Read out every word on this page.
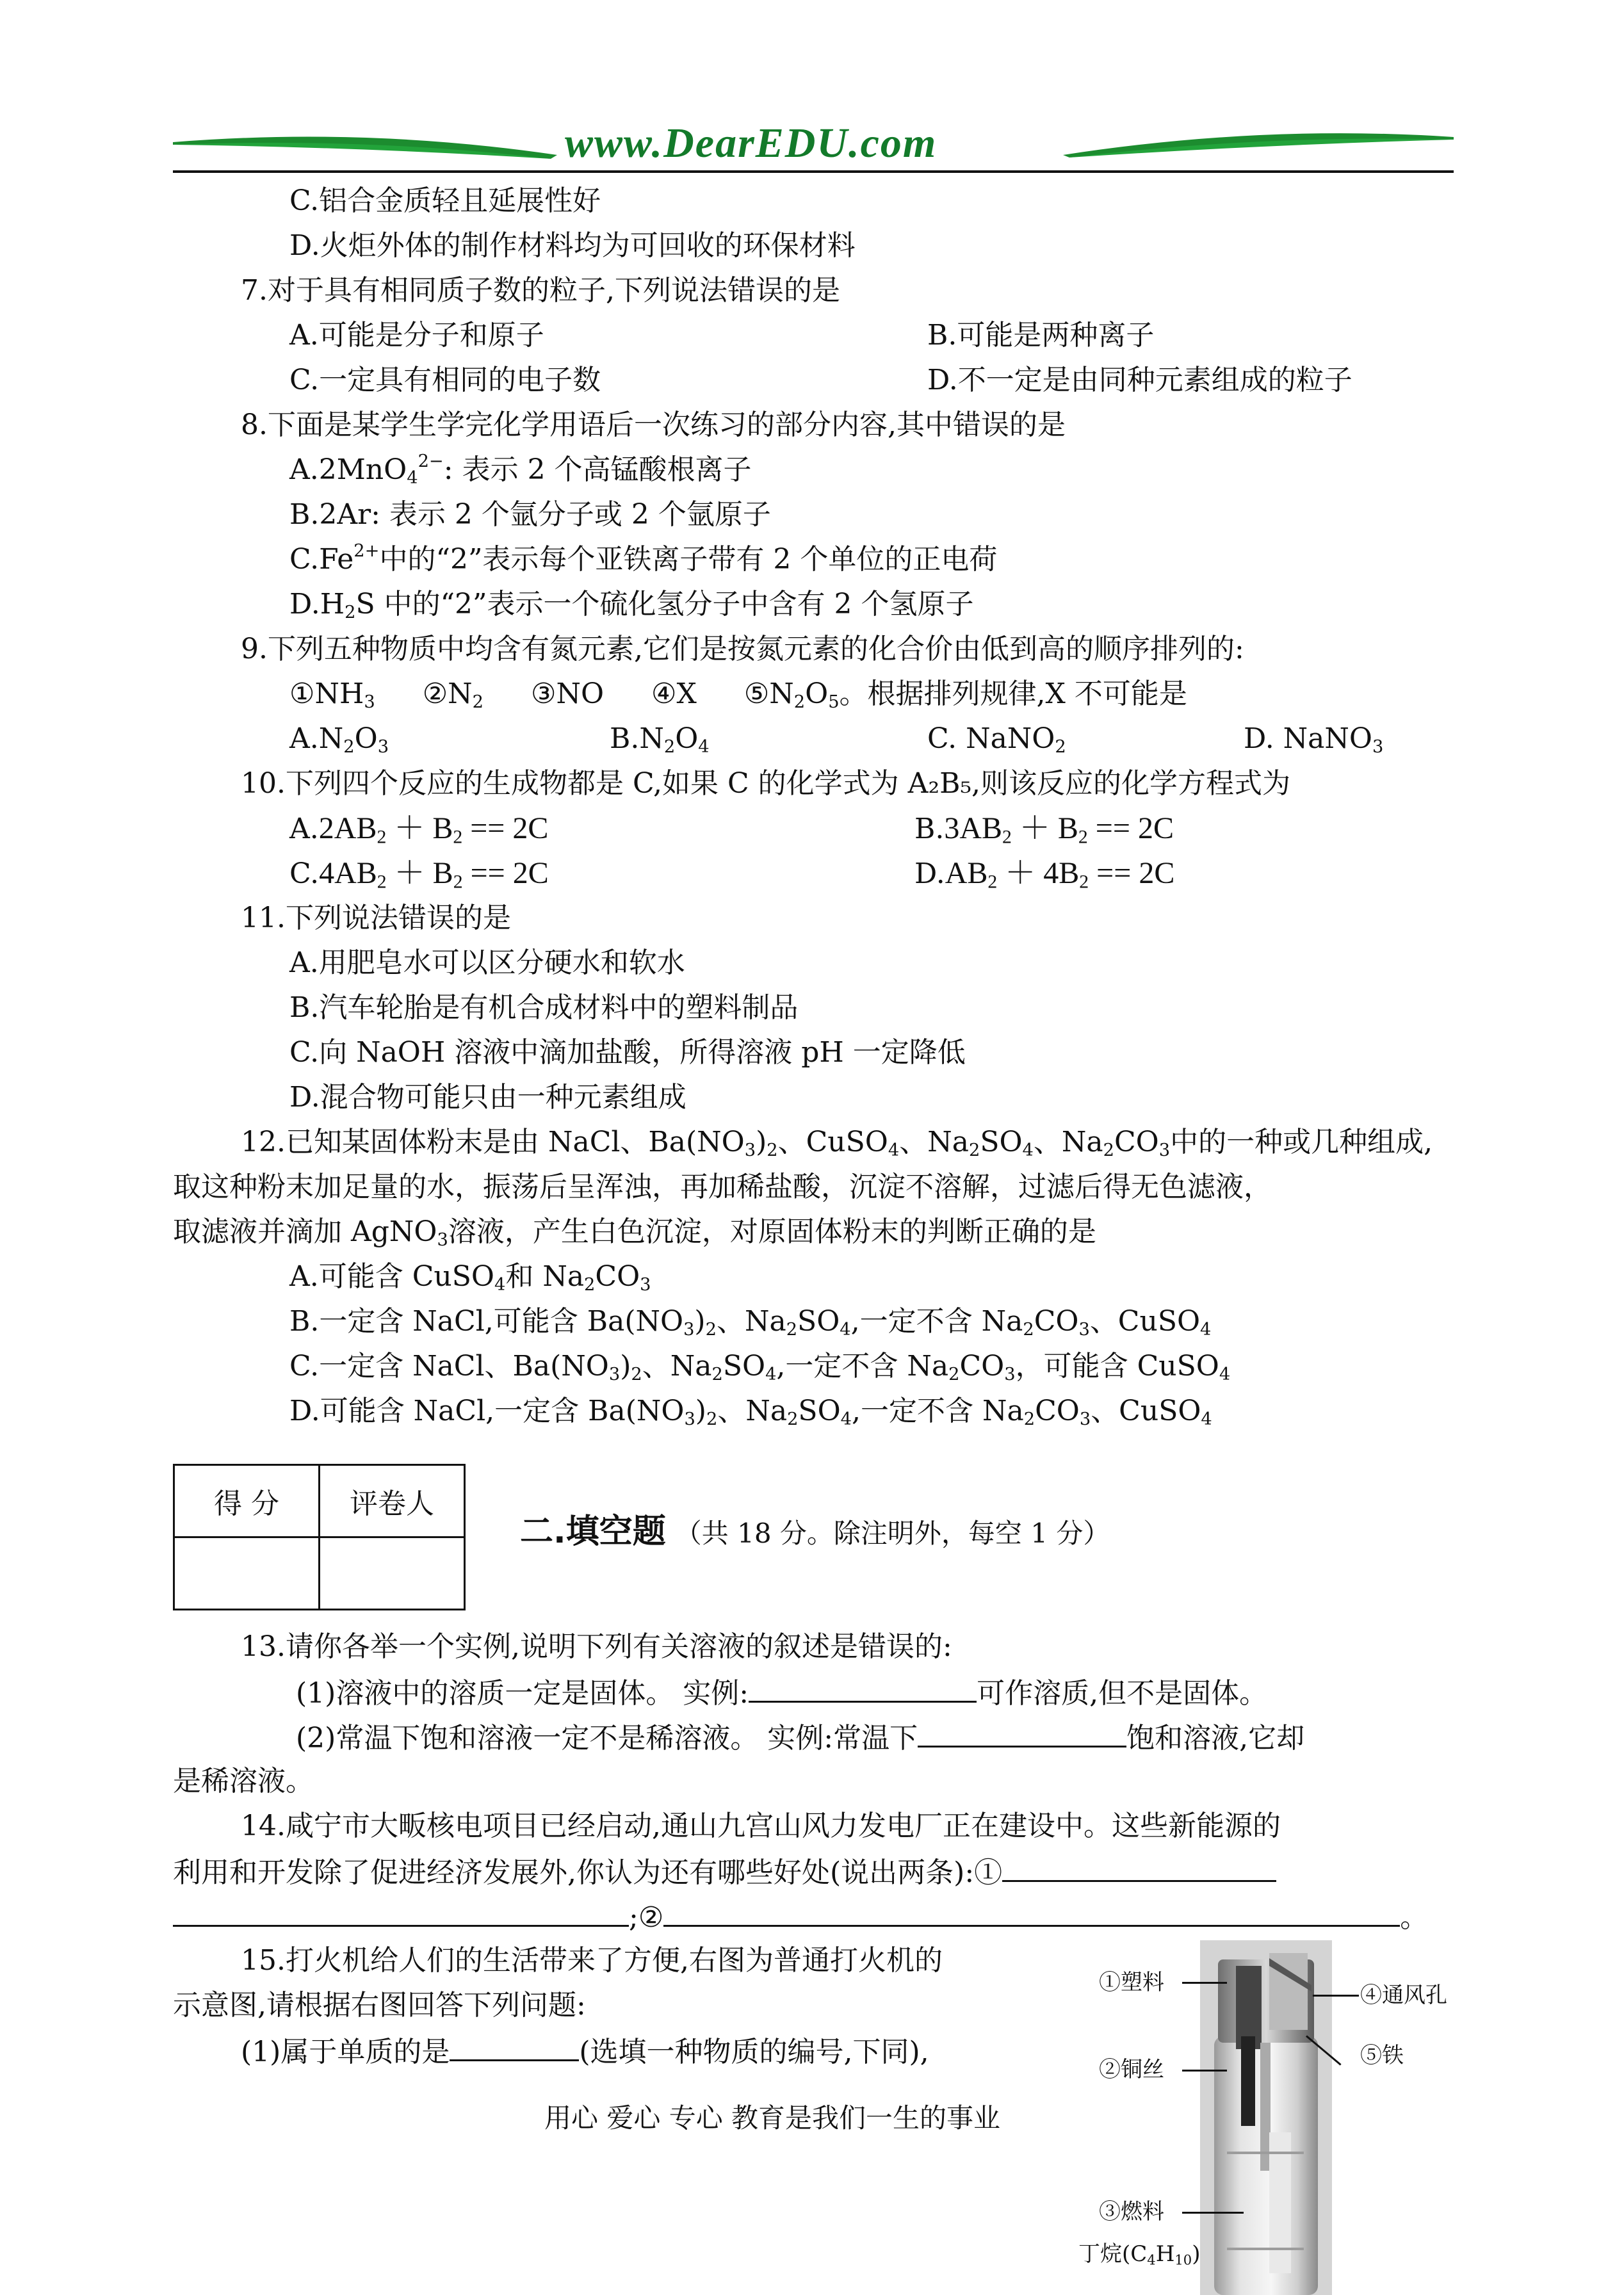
www.DearEDU.com
C.铝合金质轻且延展性好
D.火炬外体的制作材料均为可回收的环保材料
7.对于具有相同质子数的粒子,下列说法错误的是
A.可能是分子和原子	B.可能是两种离子
C.一定具有相同的电子数	D.不一定是由同种元素组成的粒子
8.下面是某学生学完化学用语后一次练习的部分内容,其中错误的是
A.2MnO$_4^{2-}$: 表示 2 个高锰酸根离子
B.2Ar: 表示 2 个氩分子或 2 个氩原子
$C.Fe^{2+}$中的“2”表示每个亚铁离子带有 2 个单位的正电荷
$D.H_2S$ 中的“2”表示一个硫化氢分子中含有 2 个氢原子
9.下列五种物质中均含有氮元素,它们是按氮元素的化合价由低到高的顺序排列的:
$①NH_3$ $②N_2$ ③NO ④X $⑤N_2O_5$。根据排列规律,X 不可能是
$A.N_2O_3$	$B.N_2O_4$	C. NaNO$_2$	D. NaNO$_3$
10.下列四个反应的生成物都是 C,如果 C 的化学式为 A₂B₅,则该反应的化学方程式为
$A.2AB_2 + B_2 == 2C$	$B.3AB_2 + B_2 == 2C$
$C.4AB_2 + B_2 == 2C$	$D.AB_2 + 4B_2 == 2C$
11.下列说法错误的是
A.用肥皂水可以区分硬水和软水
B.汽车轮胎是有机合成材料中的塑料制品
C.向 NaOH 溶液中滴加盐酸，所得溶液 pH 一定降低
D.混合物可能只由一种元素组成
12.已知某固体粉末是由 NaCl、$Ba(NO_3)_2$、CuSO$_4$、$Na_2SO_4$、$Na_2CO_3$中的一种或几种组成,
取这种粉末加足量的水，振荡后呈浑浊，再加稀盐酸，沉淀不溶解，过滤后得无色滤液，
取滤液并滴加 AgNO$_3$溶液，产生白色沉淀，对原固体粉末的判断正确的是
A.可能含 CuSO$_4$和 $Na_2CO_3$
B.一定含 NaCl,可能含 $Ba(NO_3)_2$、$Na_2SO_4$,一定不含 $Na_2CO_3$、CuSO$_4$
C.一定含 NaCl、$Ba(NO_3)_2$、$Na_2SO_4$,一定不含 $Na_2CO_3$，可能含 CuSO$_4$
D.可能含 NaCl,一定含 $Ba(NO_3)_2$、$Na_2SO_4$,一定不含 $Na_2CO_3$、CuSO$_4$
得 分	评卷人

二.填空题 （共 18 分。除注明外，每空 1 分）
13.请你各举一个实例,说明下列有关溶液的叙述是错误的:
(1)溶液中的溶质一定是固体。 实例:	可作溶质,但不是固体。
(2)常温下饱和溶液一定不是稀溶液。 实例:常温下	饱和溶液,它却
是稀溶液。
14.咸宁市大畈核电项目已经启动,通山九宫山风力发电厂正在建设中。这些新能源的
利用和开发除了促进经济发展外,你认为还有哪些好处(说出两条):①
;②	。
15.打火机给人们的生活带来了方便,右图为普通打火机的
示意图,请根据右图回答下列问题:
(1)属于单质的是	(选填一种物质的编号,下同),
用心 爱心 专心 教育是我们一生的事业
①塑料
②铜丝
③燃料
丁烷$(C_4H_{10})$
④通风孔
⑤铁
